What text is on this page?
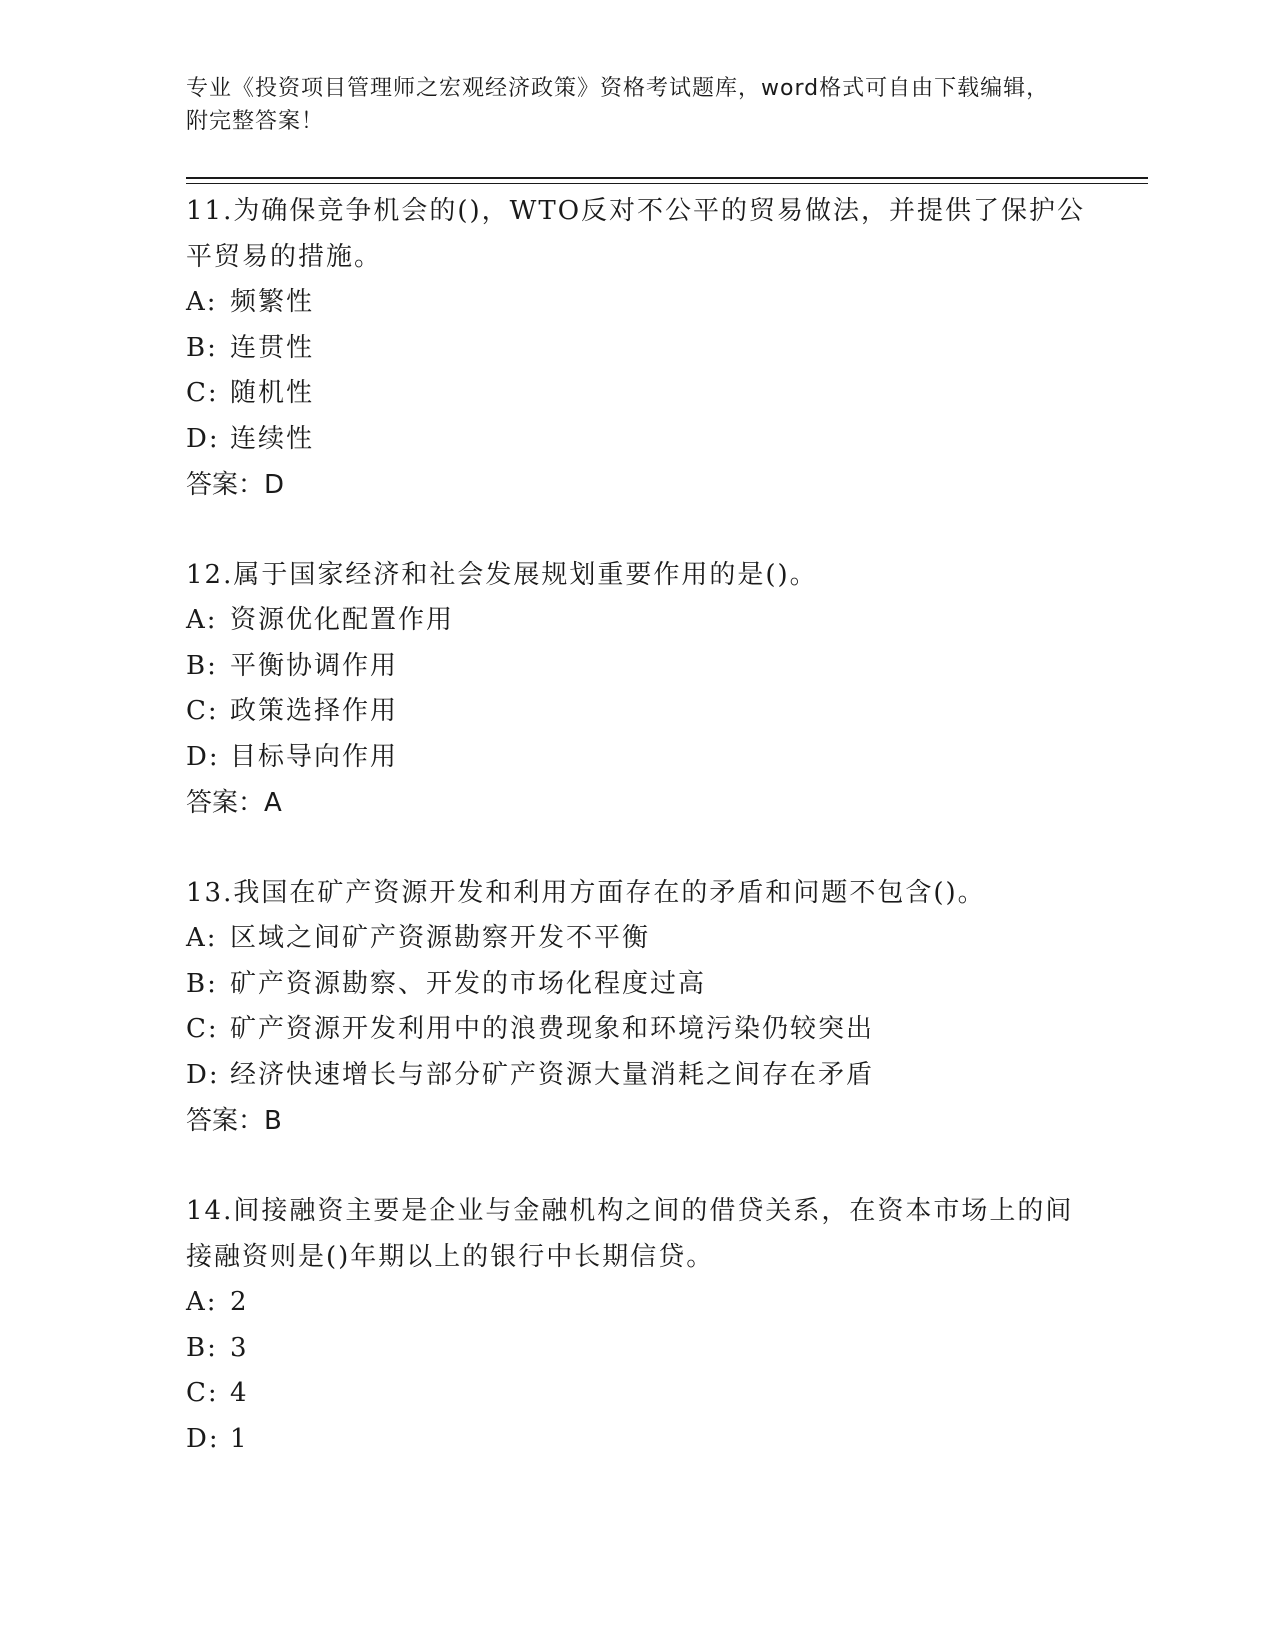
专业《投资项目管理师之宏观经济政策》资格考试题库，word格式可自由下载编辑，附完整答案！

11.为确保竞争机会的()，WTO反对不公平的贸易做法，并提供了保护公平贸易的措施。

A: 频繁性

B: 连贯性

C: 随机性

D: 连续性

答案：D

12.属于国家经济和社会发展规划重要作用的是()。

A: 资源优化配置作用

B: 平衡协调作用

C: 政策选择作用

D: 目标导向作用

答案：A

13.我国在矿产资源开发和利用方面存在的矛盾和问题不包含()。

A: 区域之间矿产资源勘察开发不平衡

B: 矿产资源勘察、开发的市场化程度过高

C: 矿产资源开发利用中的浪费现象和环境污染仍较突出

D: 经济快速增长与部分矿产资源大量消耗之间存在矛盾

答案：B

14.间接融资主要是企业与金融机构之间的借贷关系，在资本市场上的间接融资则是()年期以上的银行中长期信贷。

A: 2

B: 3

C: 4

D: 1
